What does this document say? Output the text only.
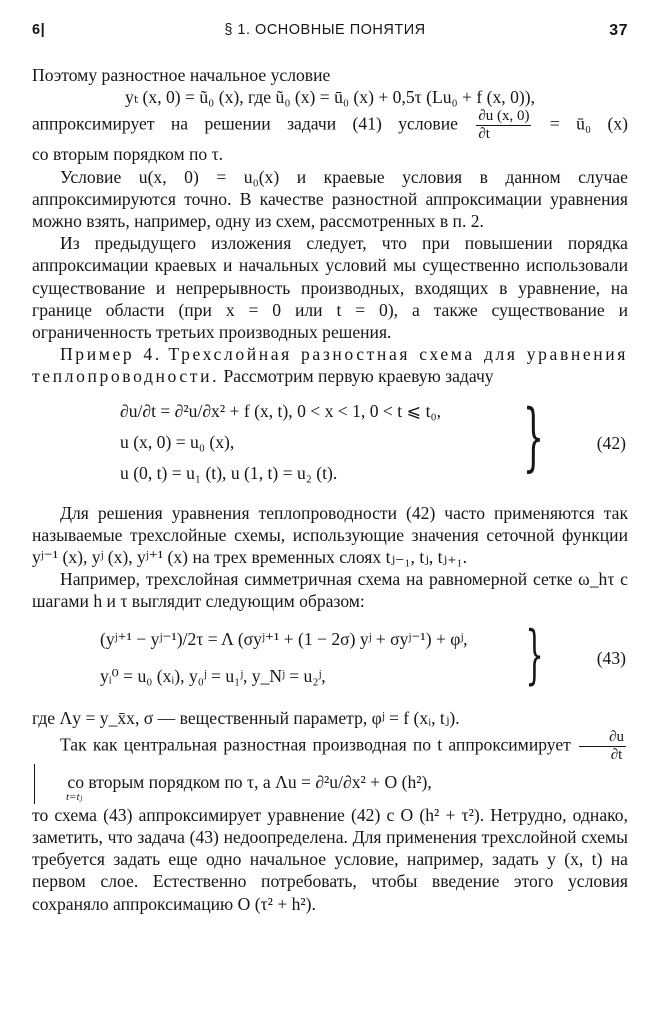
6|	§ 1. ОСНОВНЫЕ ПОНЯТИЯ	37

Поэтому разностное начальное условие

yₜ (x, 0) = ũ₀ (x), где ũ₀ (x) = ū₀ (x) + 0,5τ (Lu₀ + f (x, 0)),

аппроксимирует на решении задачи (41) условие $\frac{\partial u (x, 0)}{\partial t}$ = ū₀ (x)

со вторым порядком по τ.

Условие u(x, 0) = u₀(x) и краевые условия в данном случае аппроксимируются точно. В качестве разностной аппроксимации уравнения можно взять, например, одну из схем, рассмотренных в п. 2.

Из предыдущего изложения следует, что при повышении порядка аппроксимации краевых и начальных условий мы существенно использовали существование и непрерывность производных, входящих в уравнение, на границе области (при x = 0 или t = 0), а также существование и ограниченность третьих производных решения.

Пример 4. Трехслойная разностная схема для уравнения теплопроводности. Рассмотрим первую краевую задачу

∂u/∂t = ∂²u/∂x² + f (x, t), 0 < x < 1, 0 < t ⩽ t₀,
u (x, 0) = u₀ (x),
u (0, t) = u₁ (t), u (1, t) = u₂ (t).	}	(42)

Для решения уравнения теплопроводности (42) часто применяются так называемые трехслойные схемы, использующие значения сеточной функции yʲ⁻¹ (x), yʲ (x), yʲ⁺¹ (x) на трех временных слоях tⱼ₋₁, tⱼ, tⱼ₊₁.

Например, трехслойная симметричная схема на равномерной сетке ω_hτ с шагами h и τ выглядит следующим образом:

(yʲ⁺¹ − yʲ⁻¹)/2τ = Λ (σyʲ⁺¹ + (1 − 2σ) yʲ + σyʲ⁻¹) + φʲ,
yᵢ⁰ = u₀ (xᵢ), y₀ʲ = u₁ʲ, y_Nʲ = u₂ʲ,	}	(43)

где Λy = y_x̄x, σ — вещественный параметр, φʲ = f (xᵢ, tⱼ).

Так как центральная разностная производная по t аппроксимирует $\frac{\partial u}{\partial t}$
t=tⱼ
со вторым порядком по τ, а Λu = ∂²u/∂x² + O (h²),

то схема (43) аппроксимирует уравнение (42) с O (h² + τ²). Нетрудно, однако, заметить, что задача (43) недоопределена. Для применения трехслойной схемы требуется задать еще одно начальное условие, например, задать y (x, t) на первом слое. Естественно потребовать, чтобы введение этого условия сохраняло аппроксимацию O (τ² + h²).
